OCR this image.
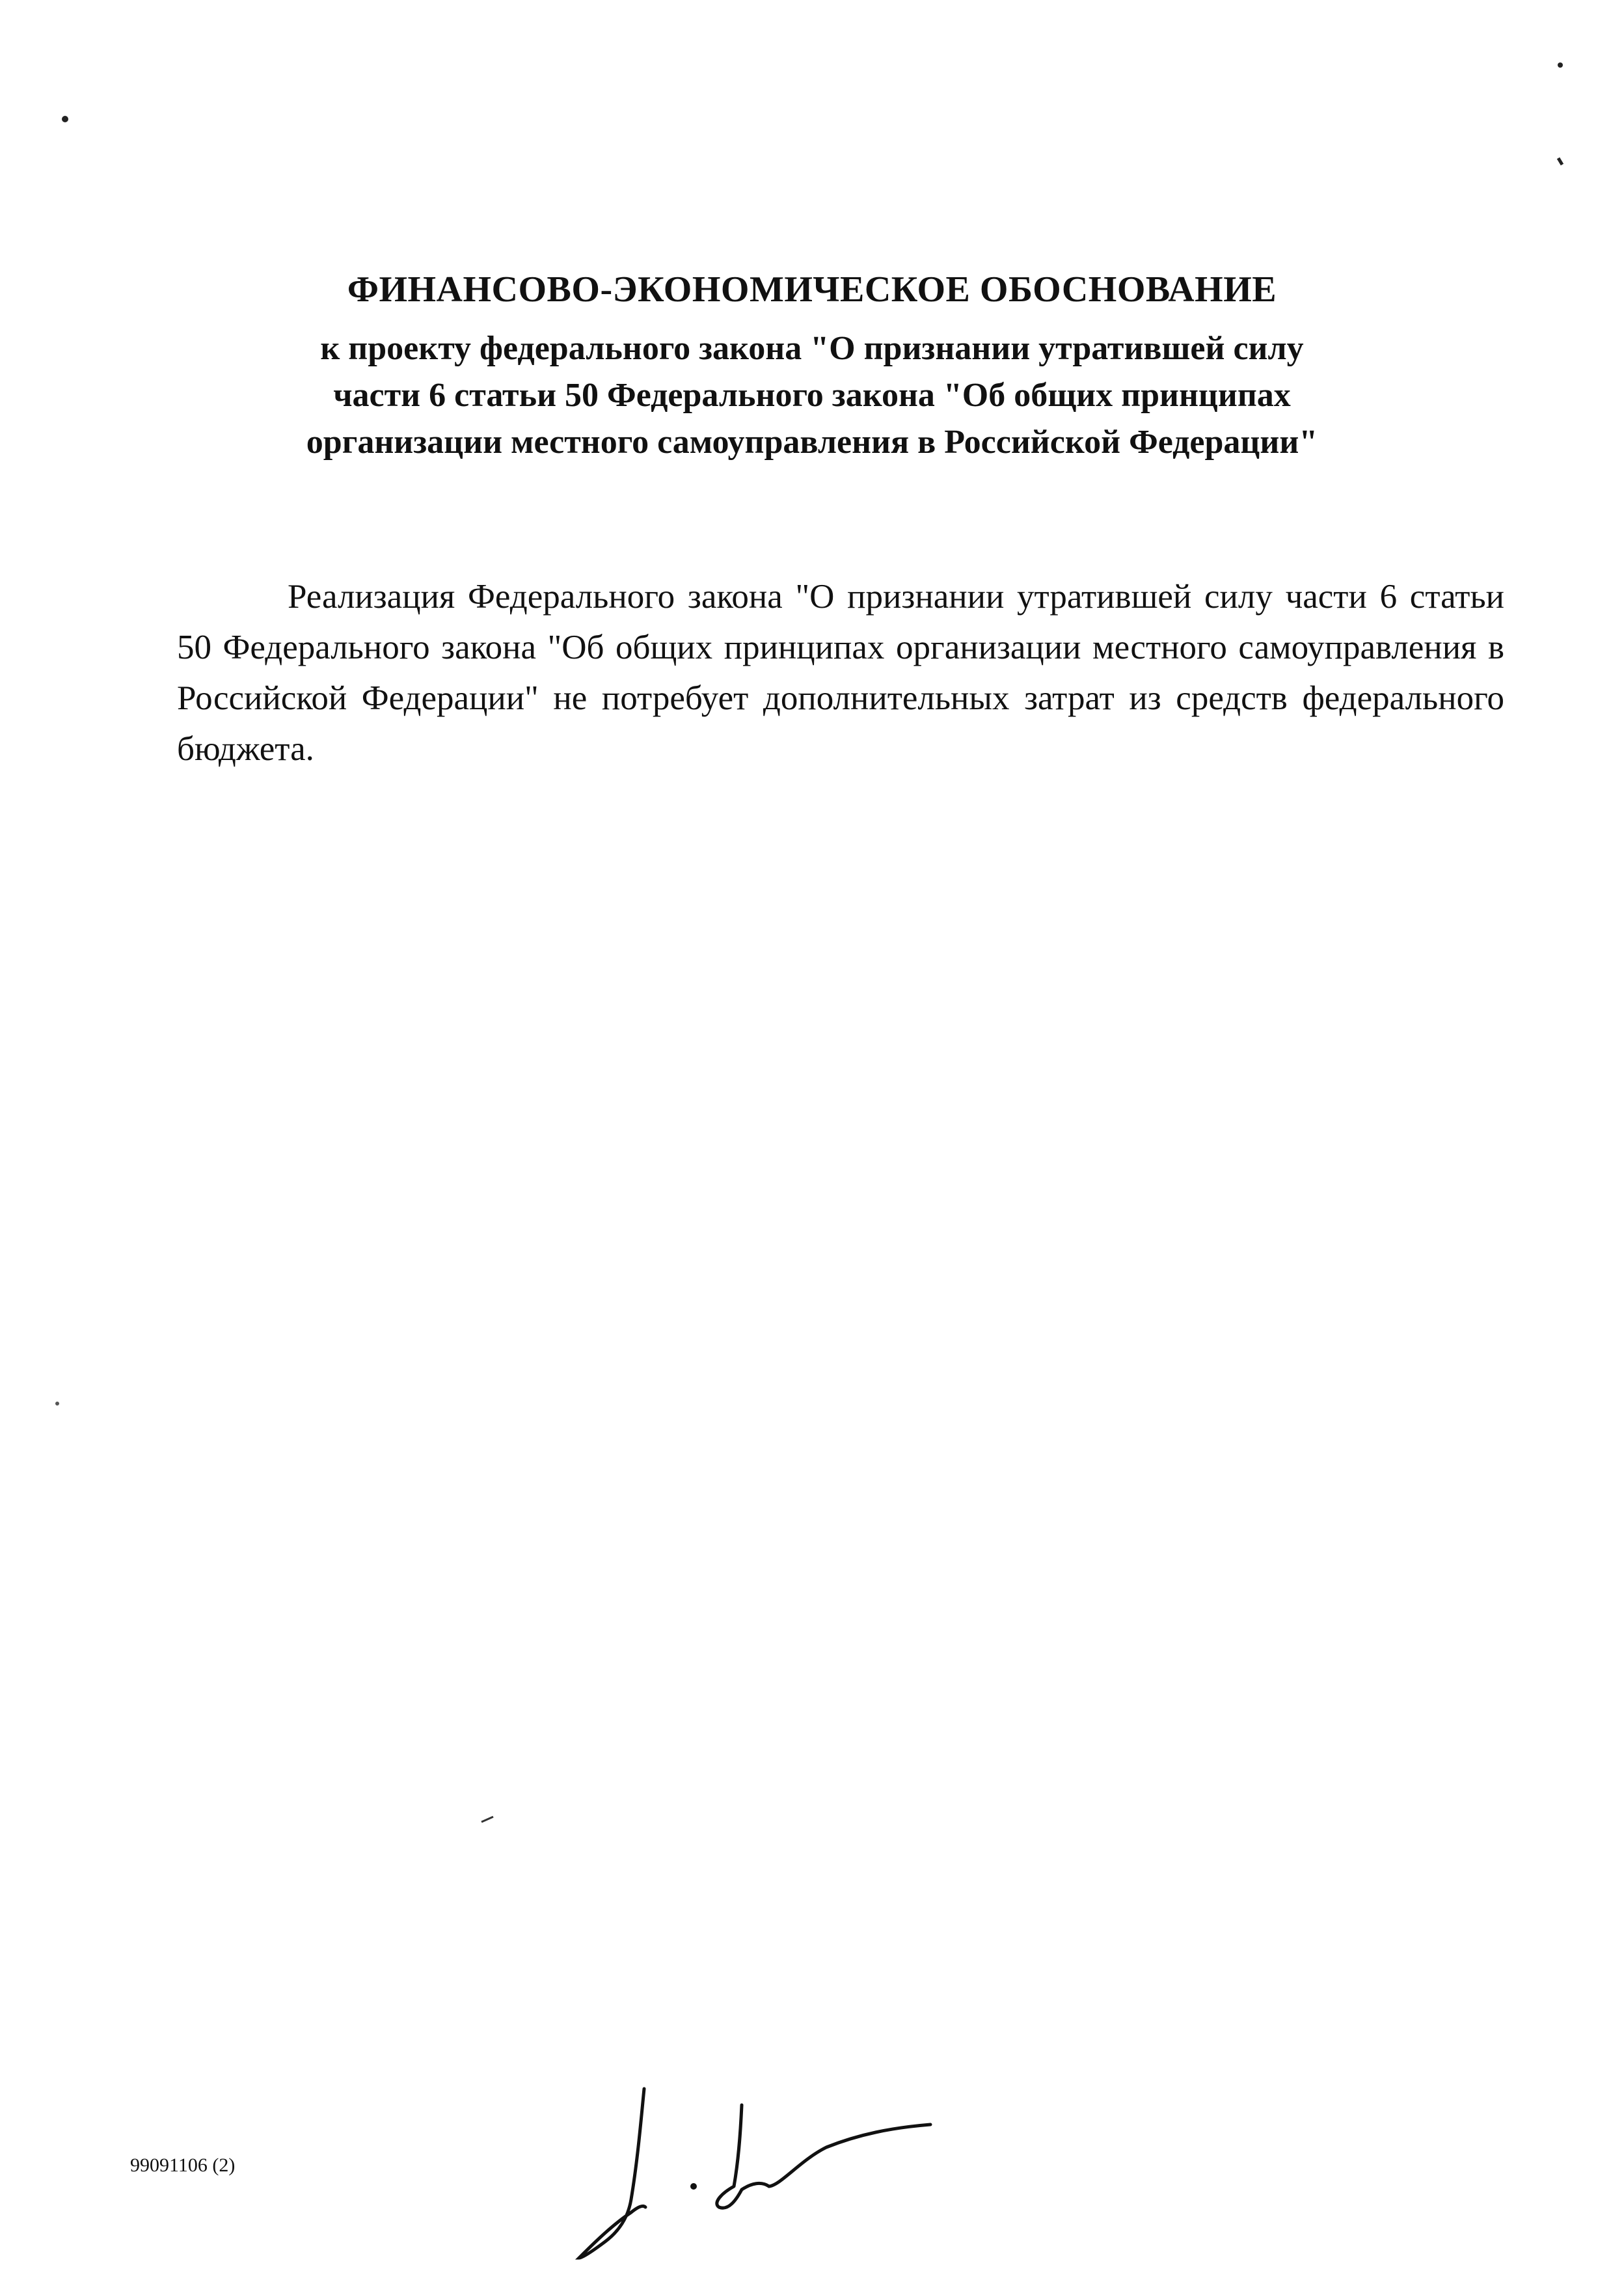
ФИНАНСОВО-ЭКОНОМИЧЕСКОЕ ОБОСНОВАНИЕ
к проекту федерального закона "О признании утратившей силу
части 6 статьи 50 Федерального закона "Об общих принципах
организации местного самоуправления в Российской Федерации"
Реализация Федерального закона "О признании утратившей силу части 6 статьи 50 Федерального закона "Об общих принципах организации местного самоуправления в Российской Федерации" не потребует дополнительных затрат из средств федерального бюджета.
99091106 (2)
